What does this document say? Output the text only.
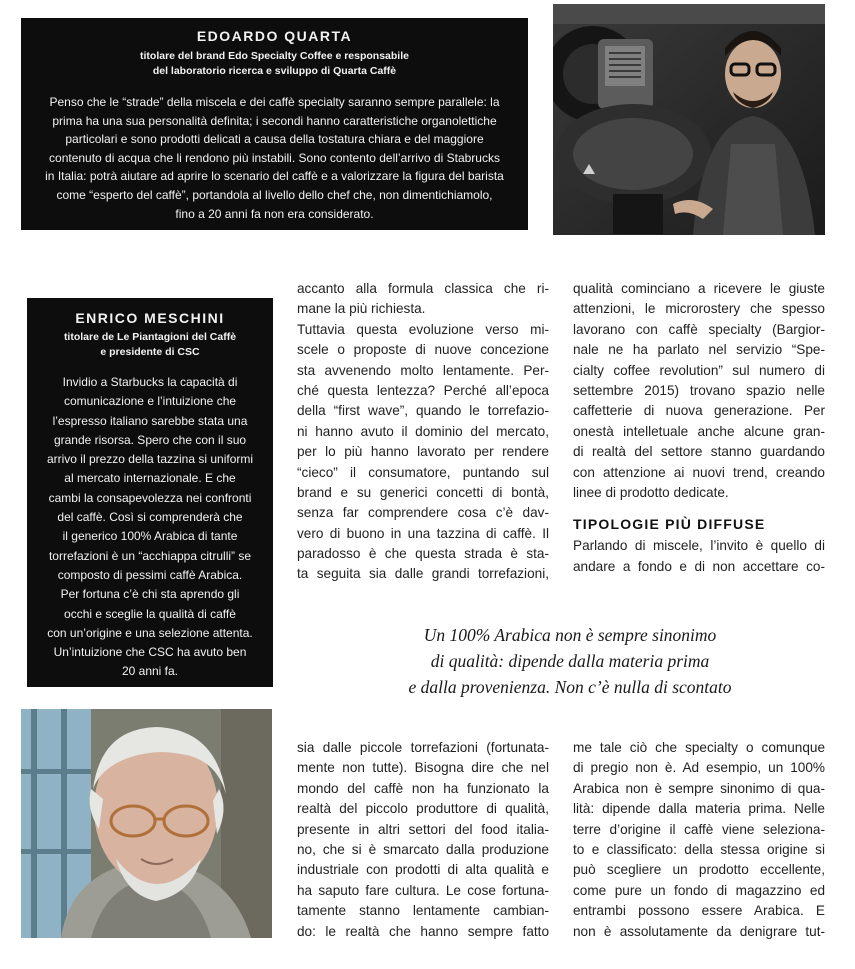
EDOARDO QUARTA

titolare del brand Edo Specialty Coffee e responsabile
del laboratorio ricerca e sviluppo di Quarta Caffè

Penso che le “strade” della miscela e dei caffè specialty saranno sempre parallele: la
prima ha una sua personalità definita; i secondi hanno caratteristiche organolettiche
particolari e sono prodotti delicati a causa della tostatura chiara e del maggiore
contenuto di acqua che li rendono più instabili. Sono contento dell’arrivo di Stabrucks
in Italia: potrà aiutare ad aprire lo scenario del caffè e a valorizzare la figura del barista
come “esperto del caffè”, portandola al livello dello chef che, non dimentichiamolo,
fino a 20 anni fa non era considerato.

ENRICO MESCHINI

titolare de Le Piantagioni del Caffè
e presidente di CSC

Invidio a Starbucks la capacità di
comunicazione e l’intuizione che
l’espresso italiano sarebbe stata una
grande risorsa. Spero che con il suo
arrivo il prezzo della tazzina si uniformi
al mercato internazionale. E che
cambi la consapevolezza nei confronti
del caffè. Così si comprenderà che
il generico 100% Arabica di tante
torrefazioni è un “acchiappa citrulli” se
composto di pessimi caffè Arabica.
Per fortuna c’è chi sta aprendo gli
occhi e sceglie la qualità di caffè
con un’origine e una selezione attenta.
Un’intuizione che CSC ha avuto ben
20 anni fa.

accanto alla formula classica che ri-
mane la più richiesta.
Tuttavia questa evoluzione verso mi-
scele o proposte di nuove concezione
sta avvenendo molto lentamente. Per-
ché questa lentezza? Perché all’epoca
della “first wave”, quando le torrefazio-
ni hanno avuto il dominio del mercato,
per lo più hanno lavorato per rendere
“cieco” il consumatore, puntando sul
brand e su generici concetti di bontà,
senza far comprendere cosa c’è dav-
vero di buono in una tazzina di caffè. Il
paradosso è che questa strada è sta-
ta seguita sia dalle grandi torrefazioni,
qualità cominciano a ricevere le giuste
attenzioni, le microrostery che spesso
lavorano con caffè specialty (Bargior-
nale ne ha parlato nel servizio “Spe-
cialty coffee revolution” sul numero di
settembre 2015) trovano spazio nelle
caffetterie di nuova generazione. Per
onestà intelletuale anche alcune gran-
di realtà del settore stanno guardando
con attenzione ai nuovi trend, creando
linee di prodotto dedicate.
TIPOLOGIE PIÙ DIFFUSE
Parlando di miscele, l’invito è quello di
andare a fondo e di non accettare co-

Un 100% Arabica non è sempre sinonimo
di qualità: dipende dalla materia prima
e dalla provenienza. Non c’è nulla di scontato

sia dalle piccole torrefazioni (fortunata-
mente non tutte). Bisogna dire che nel
mondo del caffè non ha funzionato la
realtà del piccolo produttore di qualità,
presente in altri settori del food italia-
no, che si è smarcato dalla produzione
industriale con prodotti di alta qualità e
ha saputo fare cultura. Le cose fortuna-
tamente stanno lentamente cambian-
do: le realtà che hanno sempre fatto
me tale ciò che specialty o comunque
di pregio non è. Ad esempio, un 100%
Arabica non è sempre sinonimo di qua-
lità: dipende dalla materia prima. Nelle
terre d’origine il caffè viene seleziona-
to e classificato: della stessa origine si
può scegliere un prodotto eccellente,
come pure un fondo di magazzino ed
entrambi possono essere Arabica. E
non è assolutamente da denigrare tut-
